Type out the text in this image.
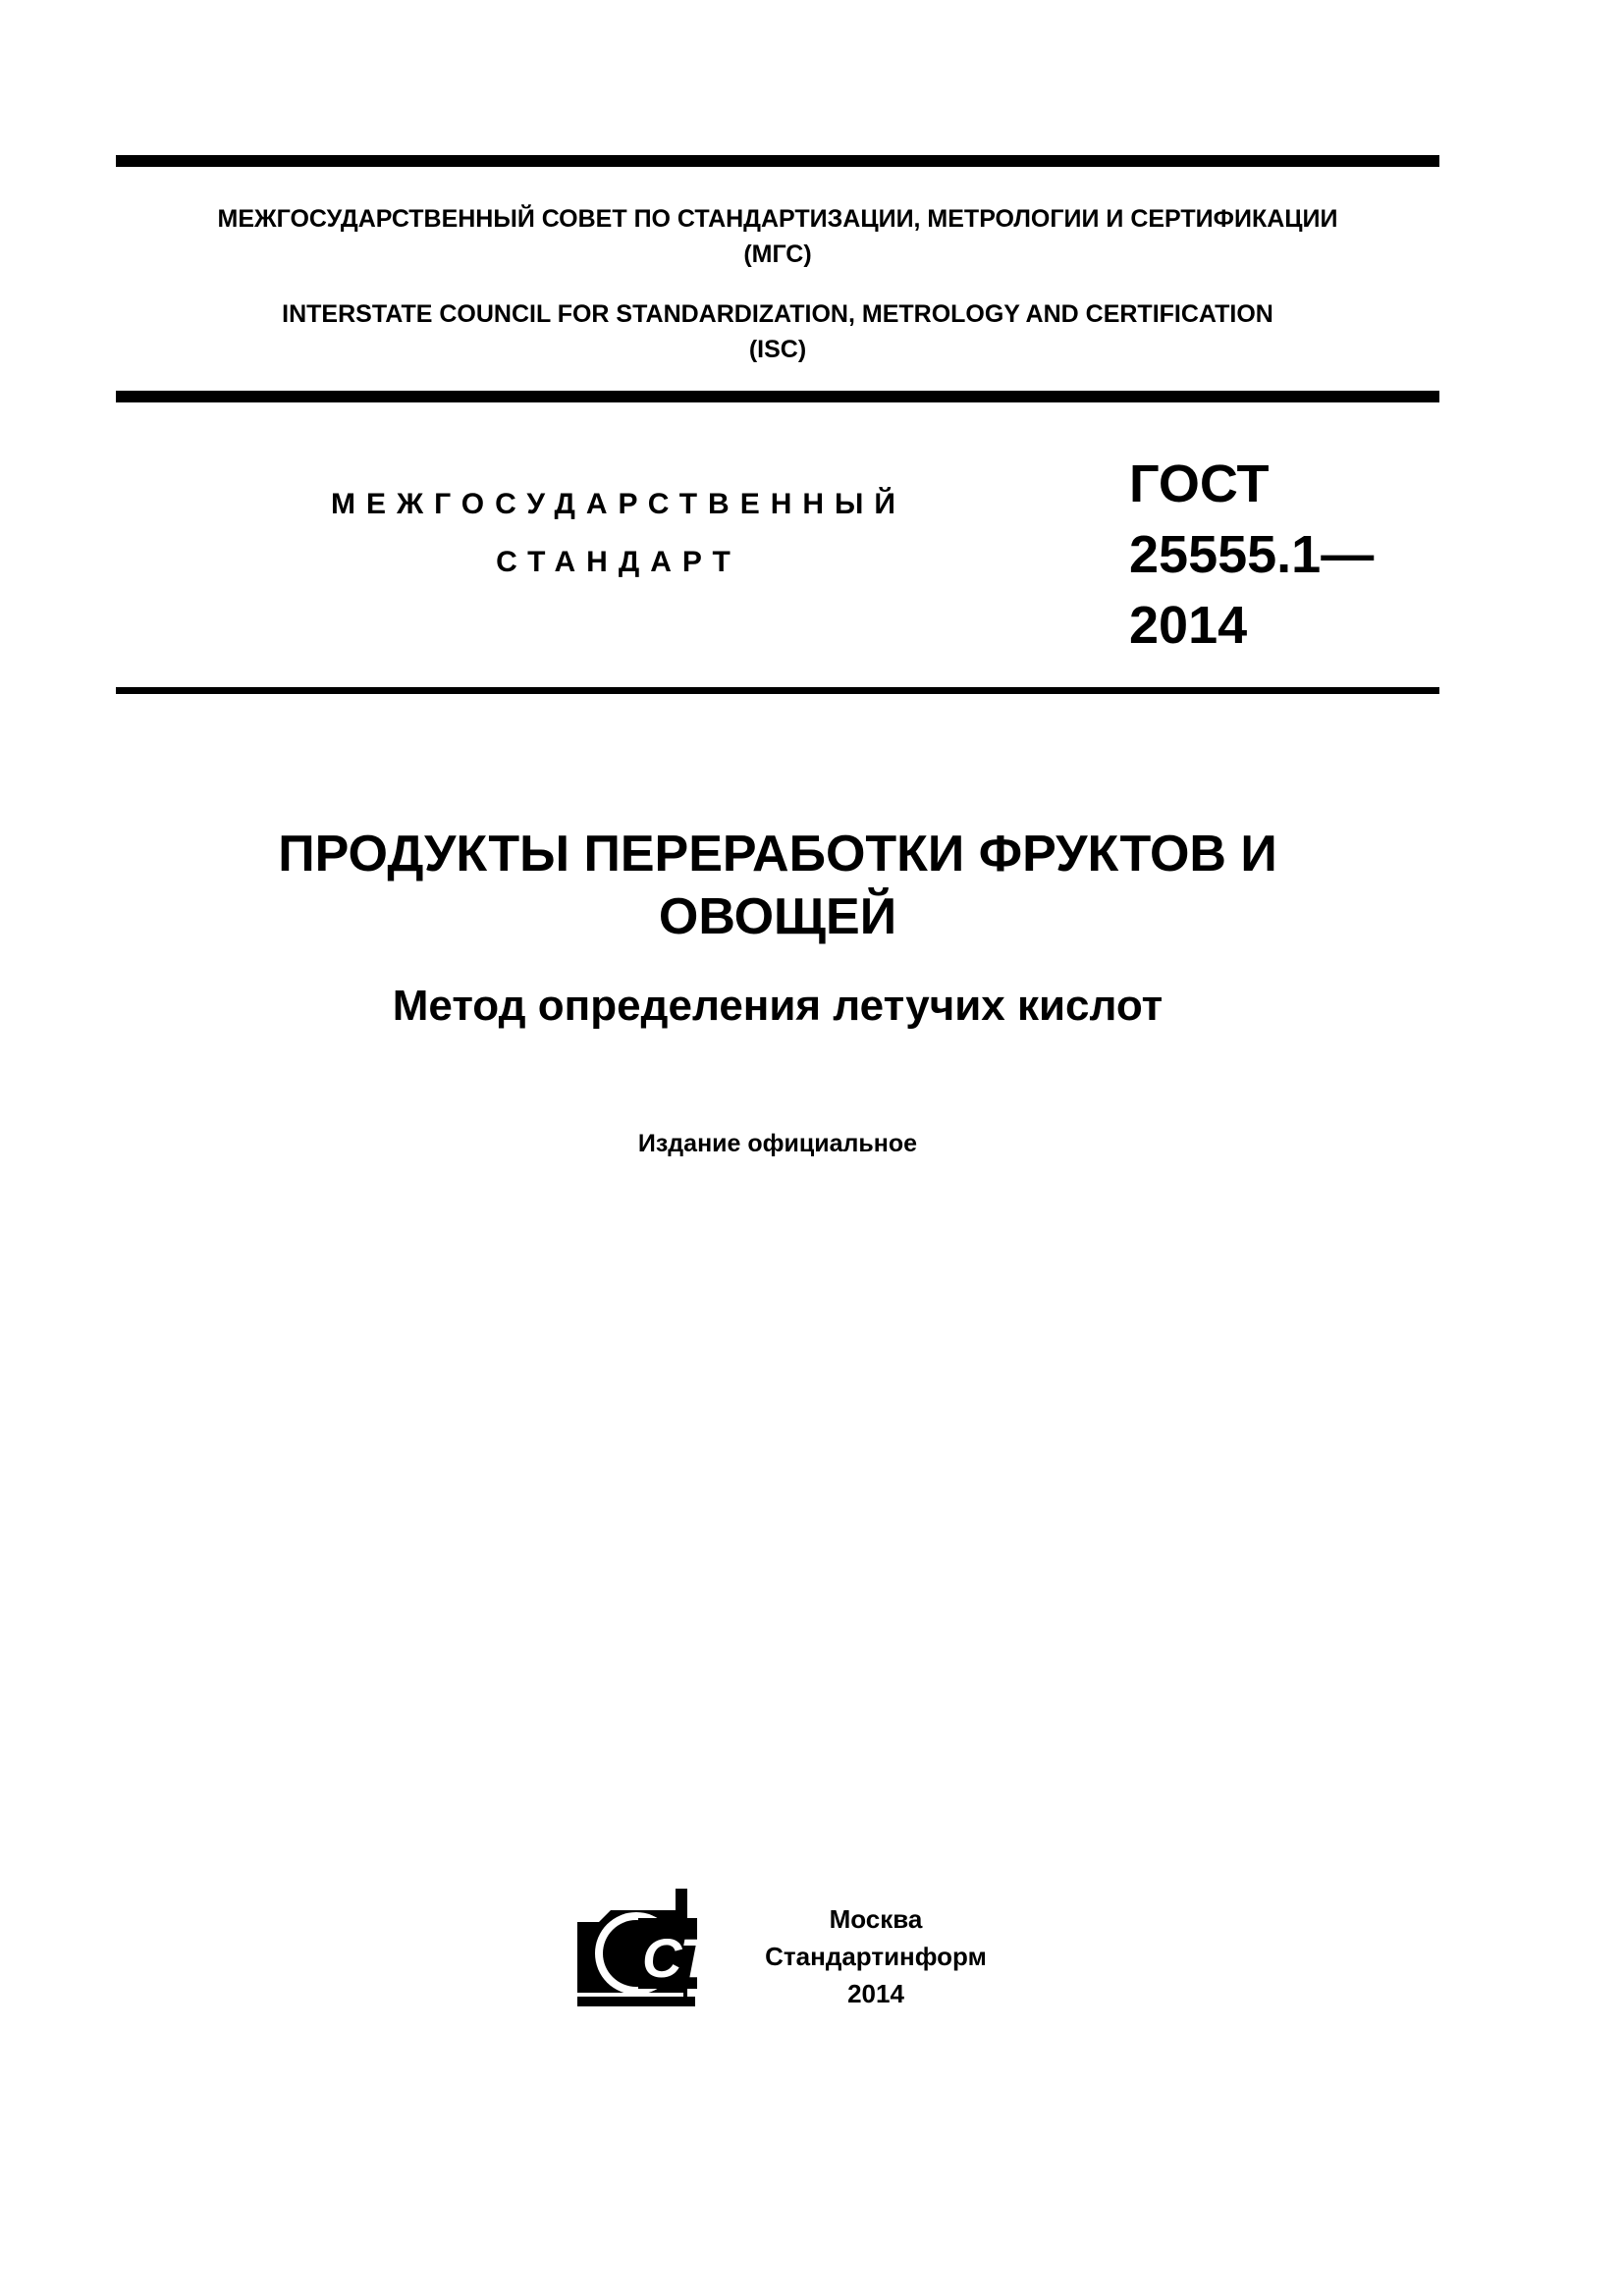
МЕЖГОСУДАРСТВЕННЫЙ СОВЕТ ПО СТАНДАРТИЗАЦИИ, МЕТРОЛОГИИ И СЕРТИФИКАЦИИ
(МГС)
INTERSTATE COUNCIL FOR STANDARDIZATION, METROLOGY AND CERTIFICATION
(ISC)
МЕЖГОСУДАРСТВЕННЫЙ
СТАНДАРТ
ГОСТ
25555.1—
2014
ПРОДУКТЫ ПЕРЕРАБОТКИ ФРУКТОВ И
ОВОЩЕЙ
Метод определения летучих кислот
Издание официальное
СТИ
Москва
Стандартинформ
2014
